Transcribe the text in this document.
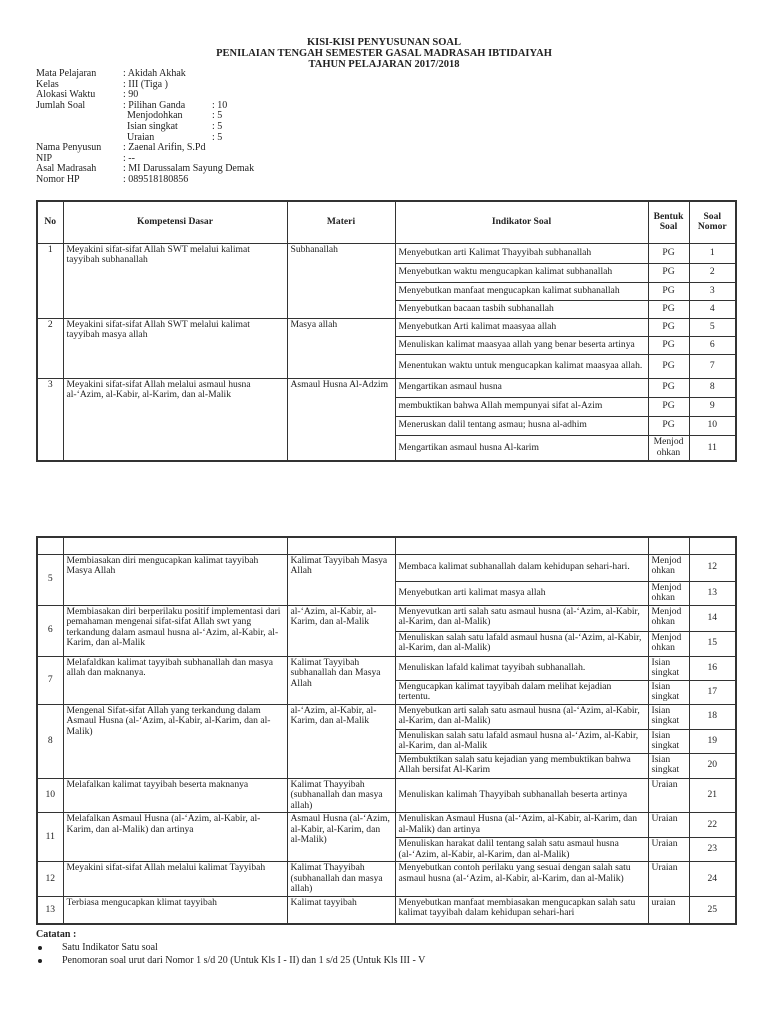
KISI-KISI PENYUSUNAN SOAL
PENILAIAN TENGAH SEMESTER GASAL MADRASAH IBTIDAIYAH
TAHUN PELAJARAN 2017/2018
Mata Pelajaran	: Akidah Akhak
Kelas	: III (Tiga )
Alokasi Waktu	: 90
Jumlah Soal	: Pilihan Ganda	: 10
Menjodohkan	: 5
Isian singkat	: 5
Uraian	: 5
Nama Penyusun	: Zaenal Arifin, S.Pd
NIP	: --
Asal Madrasah	: MI Darussalam Sayung Demak
Nomor HP	: 089518180856
No	Kompetensi Dasar	Materi	Indikator Soal	Bentuk Soal	Soal Nomor
1	Meyakini sifat-sifat Allah SWT melalui kalimat tayyibah subhanallah	Subhanallah	Menyebutkan arti Kalimat Thayyibah subhanallah	PG	1
			Menyebutkan waktu mengucapkan kalimat subhanallah	PG	2
			Menyebutkan manfaat mengucapkan kalimat subhanallah	PG	3
			Menyebutkan bacaan tasbih subhanallah	PG	4
2	Meyakini sifat-sifat Allah SWT melalui kalimat tayyibah masya allah	Masya allah	Menyebutkan Arti kalimat maasyaa allah	PG	5
			Menuliskan kalimat maasyaa allah yang benar beserta artinya	PG	6
			Menentukan waktu untuk mengucapkan kalimat maasyaa allah.	PG	7
3	Meyakini sifat-sifat Allah melalui asmaul husna al-‘Azim, al-Kabir, al-Karim, dan al-Malik	Asmaul Husna Al-Adzim	Mengartikan asmaul husna	PG	8
			membuktikan bahwa Allah mempunyai sifat al-Azim	PG	9
			Meneruskan dalil tentang asmau; husna al-adhim	PG	10
			Mengartikan asmaul husna Al-karim	Menjod ohkan	11

5	Membiasakan diri mengucapkan kalimat tayyibah Masya Allah	Kalimat Tayyibah Masya Allah	Membaca kalimat subhanallah dalam kehidupan sehari-hari.	Menjod ohkan	12
			Menyebutkan arti kalimat masya allah	Menjod ohkan	13
6	Membiasakan diri berperilaku positif implementasi dari pemahaman mengenai sifat-sifat Allah swt yang terkandung dalam asmaul husna al-‘Azim, al-Kabir, al-Karim, dan al-Malik	al-‘Azim, al-Kabir, al-Karim, dan al-Malik	Menyevutkan arti salah satu asmaul husna (al-‘Azim, al-Kabir, al-Karim, dan al-Malik)	Menjod ohkan	14
			Menuliskan salah satu lafald asmaul husna (al-‘Azim, al-Kabir, al-Karim, dan al-Malik)	Menjod ohkan	15
7	Melafaldkan kalimat tayyibah subhanallah dan masya allah dan maknanya.	Kalimat Tayyibah subhanallah dan Masya Allah	Menuliskan lafald kalimat tayyibah subhanallah.	Isian singkat	16
			Mengucapkan kalimat tayyibah dalam melihat kejadian tertentu.	Isian singkat	17
8	Mengenal Sifat-sifat Allah yang terkandung dalam Asmaul Husna (al-‘Azim, al-Kabir, al-Karim, dan al-Malik)	al-‘Azim, al-Kabir, al-Karim, dan al-Malik	Menyebutkan arti salah satu asmaul husna (al-‘Azim, al-Kabir, al-Karim, dan al-Malik)	Isian singkat	18
			Menuliskan salah satu lafald asmaul husna al-‘Azim, al-Kabir, al-Karim, dan al-Malik	Isian singkat	19
			Membuktikan salah satu kejadian yang membuktikan bahwa Allah bersifat Al-Karim	Isian singkat	20
10	Melafalkan kalimat tayyibah beserta maknanya	Kalimat Thayyibah (subhanallah dan masya allah)	Menuliskan kalimah Thayyibah subhanallah beserta artinya	Uraian	21
11	Melafalkan Asmaul Husna (al-‘Azim, al-Kabir, al-Karim, dan al-Malik) dan artinya	Asmaul Husna (al-‘Azim, al-Kabir, al-Karim, dan al-Malik)	Menuliskan Asmaul Husna (al-‘Azim, al-Kabir, al-Karim, dan al-Malik) dan artinya	Uraian	22
			Menuliskan harakat dalil tentang salah satu asmaul husna (al-‘Azim, al-Kabir, al-Karim, dan al-Malik)	Uraian	23
12	Meyakini sifat-sifat Allah melalui kalimat Tayyibah	Kalimat Thayyibah (subhanallah dan masya allah)	Menyebutkan contoh perilaku yang sesuai dengan salah satu asmaul husna (al-‘Azim, al-Kabir, al-Karim, dan al-Malik)	Uraian	24
13	Terbiasa mengucapkan klimat tayyibah	Kalimat tayyibah	Menyebutkan manfaat membiasakan mengucapkan salah satu kalimat tayyibah dalam kehidupan sehari-hari	uraian	25
Catatan :
Satu Indikator Satu soal
Penomoran soal urut dari Nomor 1 s/d 20 (Untuk Kls I - II) dan 1 s/d 25 (Untuk Kls III - V
